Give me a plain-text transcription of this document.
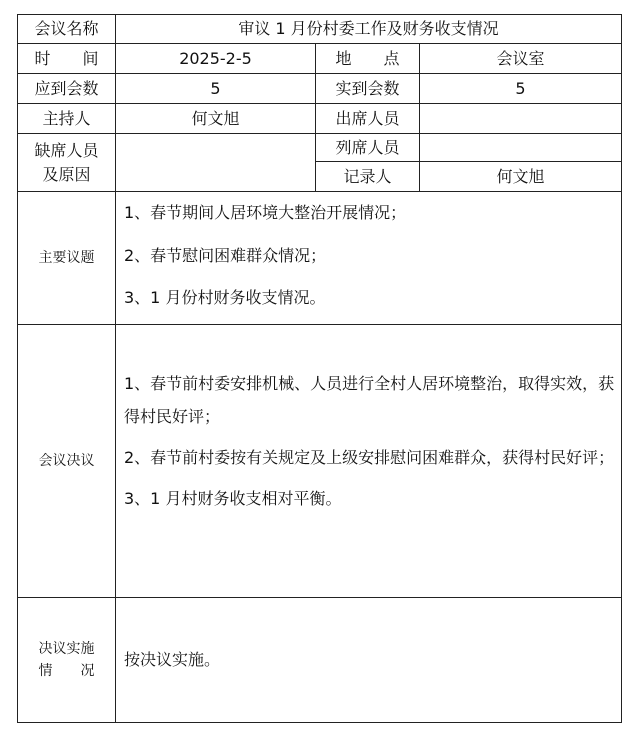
会议名称	审议 1 月份村委工作及财务收支情况		
时　　间	2025-2-5	地　　点	会议室
应到会数	5	实到会数	5
主持人	何文旭	出席人员	

缺席人员
及原因		列席人员	
		记录人	何文旭
主要议题	1、春节期间人居环境大整治开展情况；
2、春节慰问困难群众情况；
3、1 月份村财务收支情况。		

会议决议	1、春节前村委安排机械、人员进行全村人居环境整治，取得实效，获得村民好评；
2、春节前村委按有关规定及上级安排慰问困难群众，获得村民好评；
3、1 月村财务收支相对平衡。		

决议实施
情　　况	按决议实施。		
